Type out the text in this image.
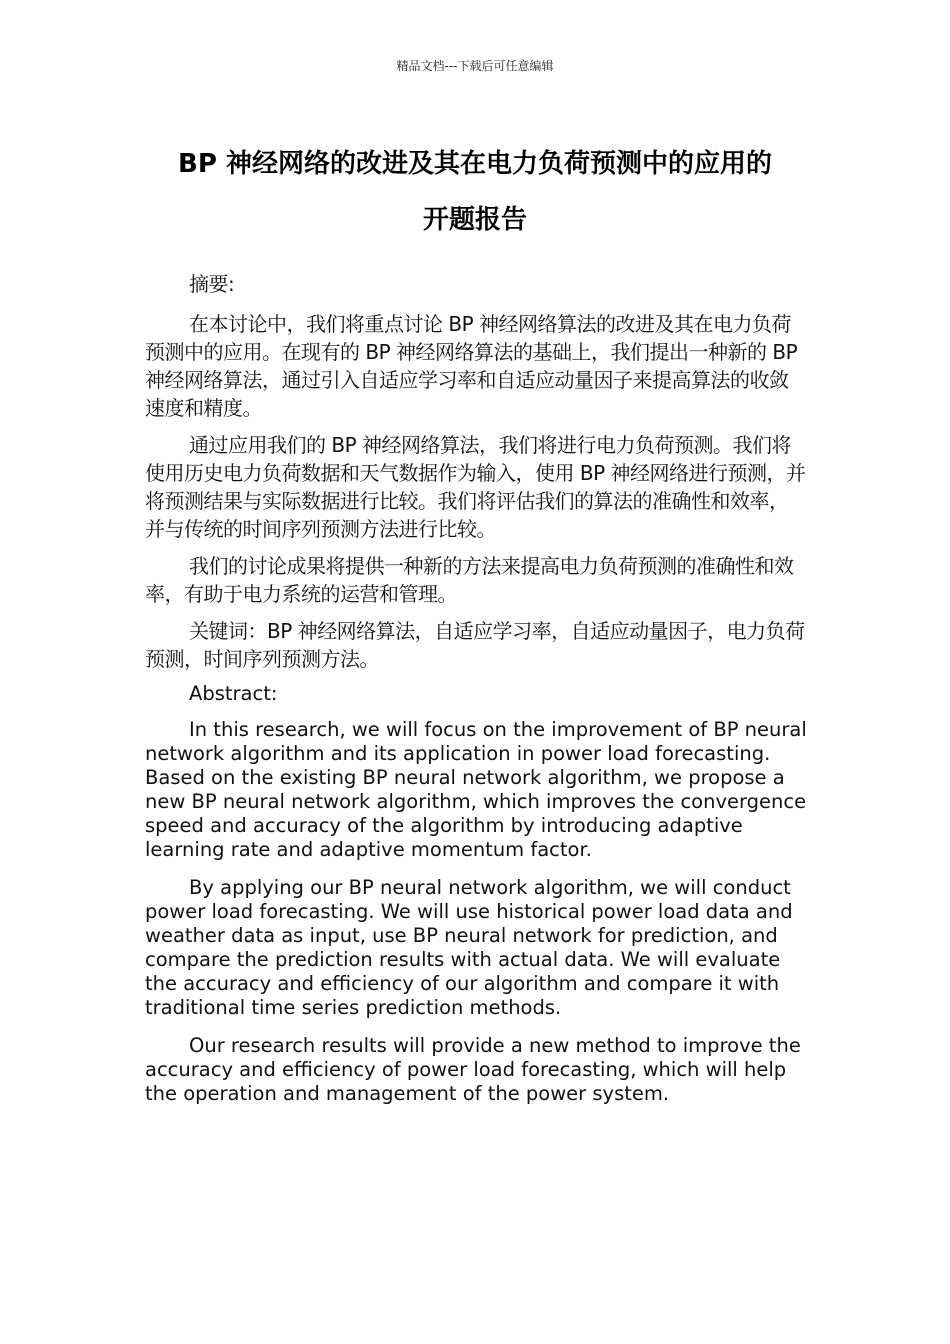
精品文档---下载后可任意编辑
BP 神经网络的改进及其在电力负荷预测中的应用的
开题报告

摘要:

在本讨论中，我们将重点讨论 BP 神经网络算法的改进及其在电力负荷预测中的应用。在现有的 BP 神经网络算法的基础上，我们提出一种新的 BP 神经网络算法，通过引入自适应学习率和自适应动量因子来提高算法的收敛速度和精度。

通过应用我们的 BP 神经网络算法，我们将进行电力负荷预测。我们将使用历史电力负荷数据和天气数据作为输入，使用 BP 神经网络进行预测，并将预测结果与实际数据进行比较。我们将评估我们的算法的准确性和效率，并与传统的时间序列预测方法进行比较。

我们的讨论成果将提供一种新的方法来提高电力负荷预测的准确性和效率，有助于电力系统的运营和管理。

关键词：BP 神经网络算法，自适应学习率，自适应动量因子，电力负荷预测，时间序列预测方法。

Abstract:

In this research, we will focus on the improvement of BP neural network algorithm and its application in power load forecasting. Based on the existing BP neural network algorithm, we propose a new BP neural network algorithm, which improves the convergence speed and accuracy of the algorithm by introducing adaptive learning rate and adaptive momentum factor.

By applying our BP neural network algorithm, we will conduct power load forecasting. We will use historical power load data and weather data as input, use BP neural network for prediction, and compare the prediction results with actual data. We will evaluate the accuracy and efficiency of our algorithm and compare it with traditional time series prediction methods.

Our research results will provide a new method to improve the accuracy and efficiency of power load forecasting, which will help the operation and management of the power system.
